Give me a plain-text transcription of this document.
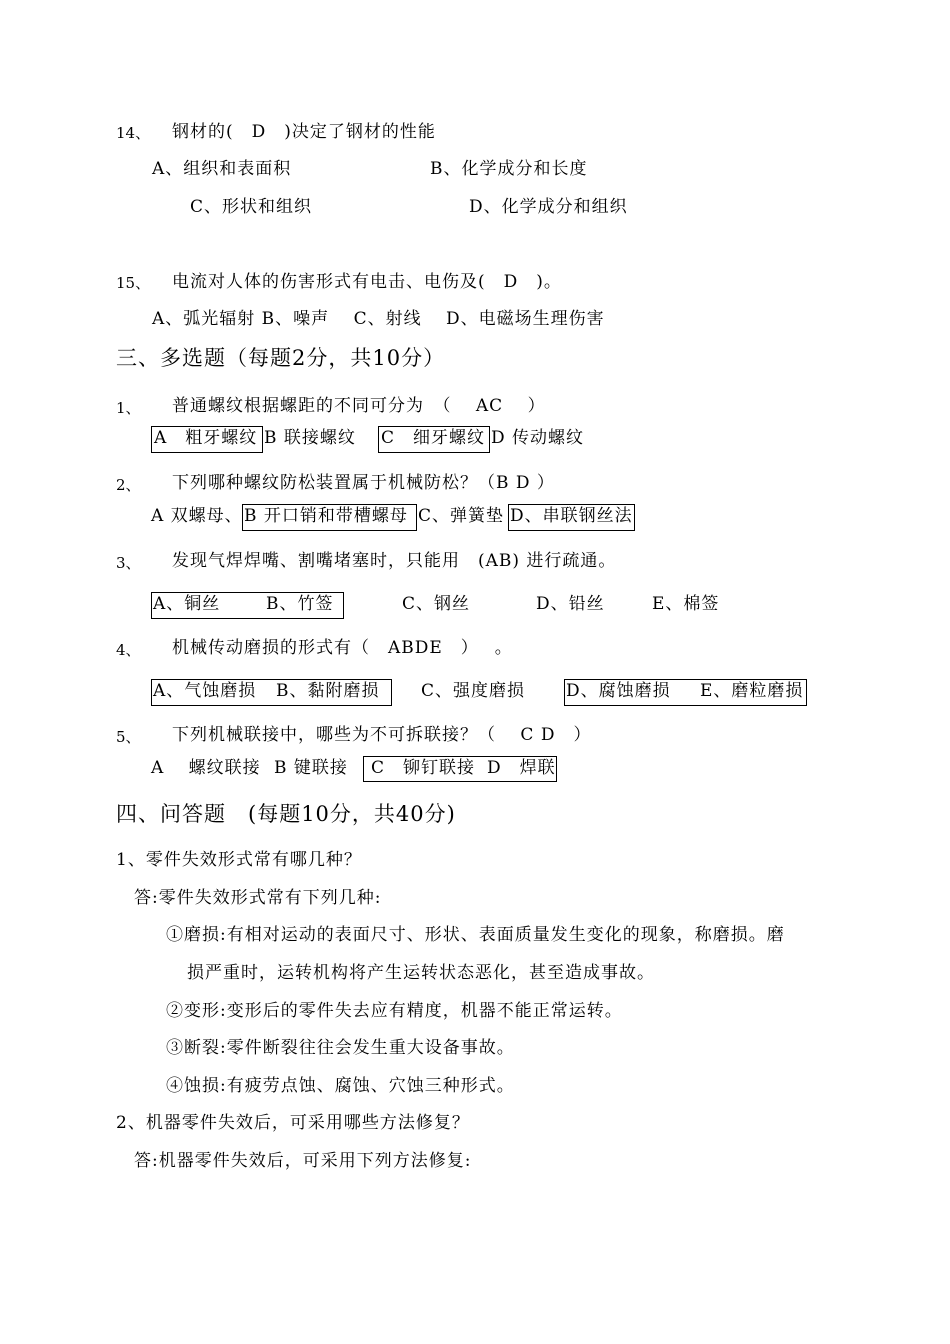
14、 钢材的(　D　)决定了钢材的性能
A、组织和表面积	B、化学成分和长度
C、形状和组织	D、化学成分和组织
15、 电流对人体的伤害形式有电击、电伤及(　D　)。
A、弧光辐射 B、噪声　 C、射线　 D、电磁场生理伤害
三、多选题（每题2分，共10分）
1、 普通螺纹根据螺距的不同可分为　（　 AC　 ）
A　粗牙螺纹 B 联接螺纹 C　细牙螺纹 D 传动螺纹
2、 下列哪种螺纹防松装置属于机械防松？（B D ）
A 双螺母、 B 开口销和带槽螺母 C、弹簧垫 D、串联钢丝法
3、 发现气焊焊嘴、割嘴堵塞时，只能用　(AB) 进行疏通。
A、铜丝	B、竹签	C、钢丝	D、铅丝	E、棉签
4、 机械传动磨损的形式有（　ABDE　）　 。
A、气蚀磨损 B、黏附磨损 C、强度磨损 D、腐蚀磨损 E、磨粒磨损
5、 下列机械联接中，哪些为不可拆联接？（　 C D　）
A　 螺纹联接 B 键联接 C　铆钉联接 D　焊联
四、问答题　(每题10分，共40分)
1、零件失效形式常有哪几种？
答:零件失效形式常有下列几种:
①磨损:有相对运动的表面尺寸、形状、表面质量发生变化的现象，称磨损。磨
损严重时，运转机构将产生运转状态恶化，甚至造成事故。
②变形:变形后的零件失去应有精度，机器不能正常运转。
③断裂:零件断裂往往会发生重大设备事故。
④蚀损:有疲劳点蚀、腐蚀、穴蚀三种形式。
2、机器零件失效后，可采用哪些方法修复？
答:机器零件失效后，可采用下列方法修复:
